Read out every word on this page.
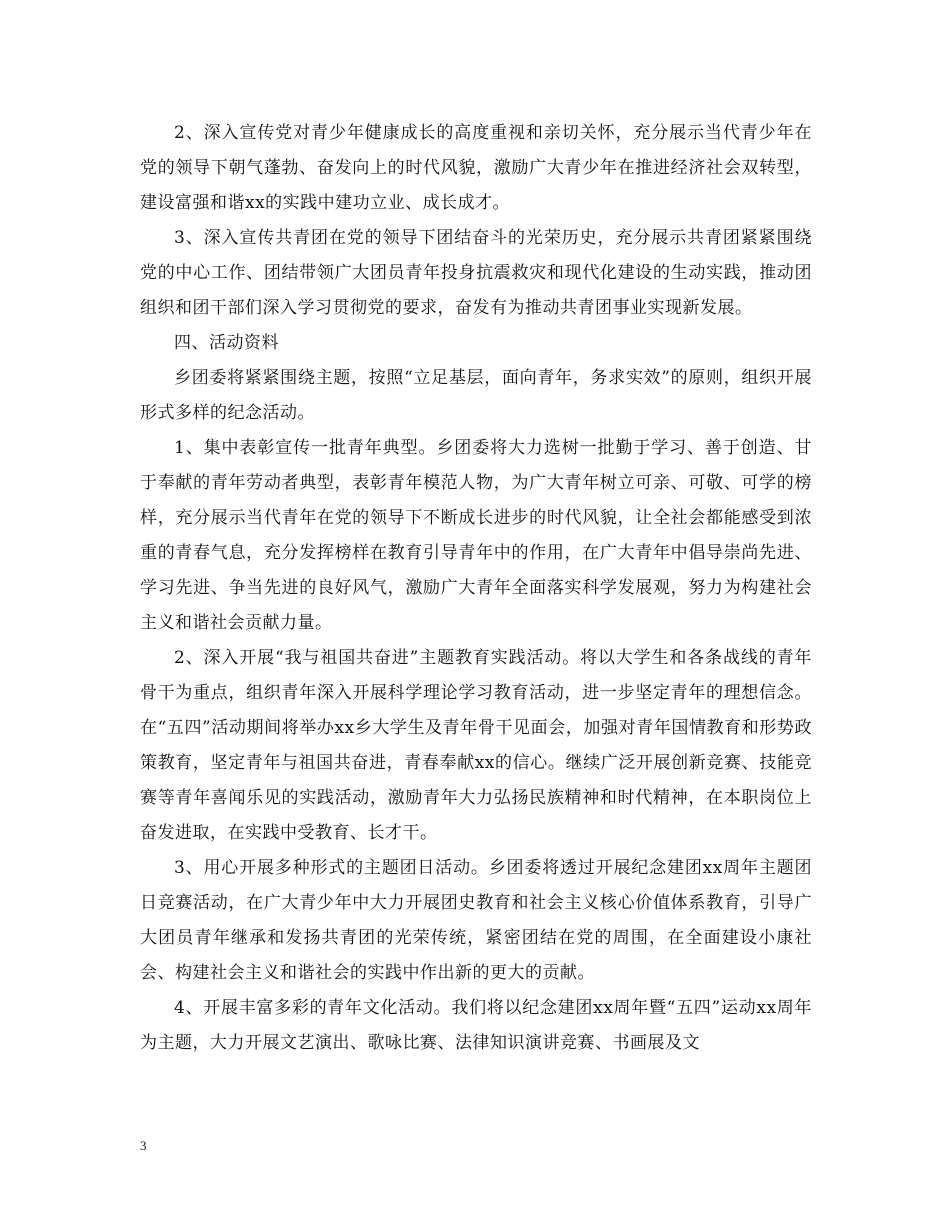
2、深入宣传党对青少年健康成长的高度重视和亲切关怀，充分展示当代青少年在党的领导下朝气蓬勃、奋发向上的时代风貌，激励广大青少年在推进经济社会双转型，建设富强和谐xx的实践中建功立业、成长成才。

3、深入宣传共青团在党的领导下团结奋斗的光荣历史，充分展示共青团紧紧围绕党的中心工作、团结带领广大团员青年投身抗震救灾和现代化建设的生动实践，推动团组织和团干部们深入学习贯彻党的要求，奋发有为推动共青团事业实现新发展。

四、活动资料

乡团委将紧紧围绕主题，按照“立足基层，面向青年，务求实效”的原则，组织开展形式多样的纪念活动。

1、集中表彰宣传一批青年典型。乡团委将大力选树一批勤于学习、善于创造、甘于奉献的青年劳动者典型，表彰青年模范人物，为广大青年树立可亲、可敬、可学的榜样，充分展示当代青年在党的领导下不断成长进步的时代风貌，让全社会都能感受到浓重的青春气息，充分发挥榜样在教育引导青年中的作用，在广大青年中倡导崇尚先进、学习先进、争当先进的良好风气，激励广大青年全面落实科学发展观，努力为构建社会主义和谐社会贡献力量。

2、深入开展“我与祖国共奋进”主题教育实践活动。将以大学生和各条战线的青年骨干为重点，组织青年深入开展科学理论学习教育活动，进一步坚定青年的理想信念。在“五四”活动期间将举办xx乡大学生及青年骨干见面会，加强对青年国情教育和形势政策教育，坚定青年与祖国共奋进，青春奉献xx的信心。继续广泛开展创新竞赛、技能竞赛等青年喜闻乐见的实践活动，激励青年大力弘扬民族精神和时代精神，在本职岗位上奋发进取，在实践中受教育、长才干。

3、用心开展多种形式的主题团日活动。乡团委将透过开展纪念建团xx周年主题团日竞赛活动，在广大青少年中大力开展团史教育和社会主义核心价值体系教育，引导广大团员青年继承和发扬共青团的光荣传统，紧密团结在党的周围，在全面建设小康社会、构建社会主义和谐社会的实践中作出新的更大的贡献。

4、开展丰富多彩的青年文化活动。我们将以纪念建团xx周年暨“五四”运动xx周年为主题，大力开展文艺演出、歌咏比赛、法律知识演讲竞赛、书画展及文

3
